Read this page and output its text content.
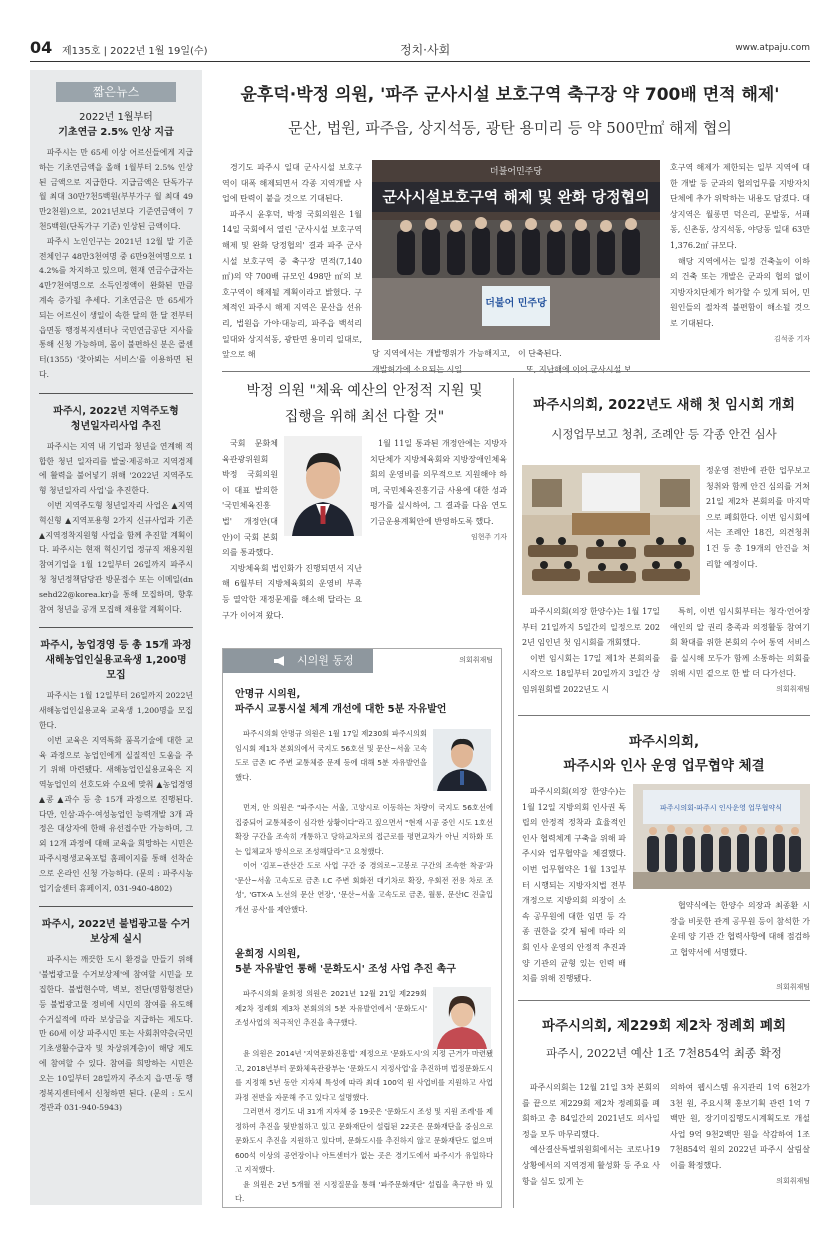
04 제135호 | 2022년 1월 19일(수)	정치·사회	www.atpaju.com
짧은뉴스
2022년 1월부터
기초연금 2.5% 인상 지급

파주시는 만 65세 이상 어르신들에게 지급하는 기초연금액을 올해 1월부터 2.5% 인상된 금액으로 지급한다. 지급금액은 단독가구 월 최대 30만7천5백원(부부가구 월 최대 49만2천원)으로, 2021년보다 기준연금액이 7천5백원(단독가구 기준) 인상된 금액이다.

파주시 노인인구는 2021년 12월 말 기준 전체인구 48만3천여명 중 6만9천여명으로 14.2%를 차지하고 있으며, 현재 연금수급자는 4만7천여명으로 소득인정액이 완화된 만큼 계속 증가될 추세다. 기초연금은 만 65세가 되는 어르신이 생일이 속한 달의 한 달 전부터 읍면동 행정복지센터나 국민연금공단 지사를 통해 신청 가능하며, 몸이 불편하신 분은 콜센터(1355) '찾아뵈는 서비스'를 이용하면 된다.

파주시, 2022년 지역주도형
청년일자리사업 추진

파주시는 지역 내 기업과 청년을 연계해 적합한 청년 일자리를 발굴·제공하고 지역경제에 활력을 불어넣기 위해 '2022년 지역주도형 청년일자리 사업'을 추진한다.

이번 지역주도형 청년일자리 사업은 ▲지역혁신형 ▲지역포용형 2가지 신규사업과 기존 ▲지역정착지원형 사업을 함께 추진할 계획이다. 파주시는 현재 혁신기업 정규직 채용지원 참여기업을 1월 12일부터 26일까지 파주시청 청년정책담당관 방문접수 또는 이메일(dnsehd22@korea.kr)을 통해 모집하며, 향후 참여 청년을 공개 모집해 채용할 계획이다.

파주시, 농업경영 등 총 15개 과정
새해농업인실용교육생 1,200명 모집

파주시는 1월 12일부터 26일까지 2022년 새해농업인실용교육 교육생 1,200명을 모집한다.

이번 교육은 지역특화 품목기술에 대한 교육 과정으로 농업인에게 실질적인 도움을 주기 위해 마련됐다. 새해농업인실용교육은 지역농업인의 선호도와 수요에 맞춰 ▲농업경영 ▲콩 ▲과수 등 총 15개 과정으로 진행된다. 다만, 인삼·과수·여성농업인 능력개발 3개 과정은 대상자에 한해 유선접수만 가능하며, 그 외 12개 과정에 대해 교육을 희망하는 시민은 파주시평생교육포털 홈페이지를 통해 선착순으로 온라인 신청 가능하다. (문의 : 파주시농업기술센터 휴페이지, 031-940-4802)

파주시, 2022년 불법광고물 수거
보상제 실시

파주시는 깨끗한 도시 환경을 만들기 위해 '불법광고물 수거보상제'에 참여할 시민을 모집한다. 불법현수막, 벽보, 전단(명함형전단) 등 불법광고물 정비에 시민의 참여를 유도해 수거실적에 따라 보상금을 지급하는 제도다. 만 60세 이상 파주시민 또는 사회취약층(국민기초생활수급자 및 차상위계층)이 해당 제도에 참여할 수 있다. 참여를 희망하는 시민은 오는 10일부터 28일까지 주소지 읍·면·동 행정복지센터에서 신청하면 된다. (문의 : 도시경관과 031-940-5943)

윤후덕·박정 의원, '파주 군사시설 보호구역 축구장 약 700배 면적 해제'
문산, 법원, 파주읍, 상지석동, 광탄 용미리 등 약 500만㎡ 해제 협의

경기도 파주시 일대 군사시설 보호구역이 대폭 해제되면서 각종 지역개발 사업에 탄력이 붙을 것으로 기대된다.

파주시 윤후덕, 박정 국회의원은 1월 14일 국회에서 열린 '군사시설 보호구역 해제 및 완화 당정협의' 결과 파주 군사시설 보호구역 중 축구장 면적(7,140㎡)의 약 700배 규모인 498만 ㎡의 보호구역이 해제될 계획이라고 밝혔다. 구체적인 파주시 해제 지역은 문산읍 선유리, 법원읍 가야·대능리, 파주읍 백석리 일대와 상지석동, 광탄면 용미리 일대로, 앞으로 해

더불어민주당
군사시설보호구역 해제 및 완화 당정협의
더불어 민주당

당 지역에서는 개발행위가 가능해지고, 개발허가에 소요되는 시일

이 단축된다.

또, 지난해에 이어 군사시설 보

호구역 해제가 제한되는 일부 지역에 대한 개발 등 군과의 협의업무를 지방자치단체에 추가 위탁하는 내용도 담겼다. 대상지역은 월롱면 덕은리, 문발동, 서패동, 신촌동, 상지석동, 야당동 일대 63만 1,376.2㎡ 규모다.

해당 지역에서는 일정 건축높이 이하의 건축 또는 개발은 군과의 협의 없이 지방자치단체가 허가할 수 있게 되어, 민원인들의 절차적 불편함이 해소될 것으로 기대된다.

김석종 기자
박정 의원 "체육 예산의 안정적 지원 및
집행을 위해 최선 다할 것"

국회 문화체육관광위원회 박정 국회의원이 대표 발의한 '국민체육진흥법' 개정안(대안)이 국회 본회의를 통과했다.

지방체육회 법인화가 진행되면서 지난해 6월부터 지방체육회의 운영비 부족 등 열악한 재정문제를 해소해 달라는 요구가 이어져 왔다.

1월 11일 통과된 개정안에는 지방자치단체가 지방체육회와 지방장애인체육회의 운영비를 의무적으로 지원해야 하며, 국민체육진흥기금 사용에 대한 성과평가를 실시하여, 그 결과를 다음 연도 기금운용계획안에 반영하도록 했다.

임현주 기자
시의원 동정	의회취재팀
안명규 시의원,
파주시 교통시설 체계 개선에 대한 5분 자유발언

파주시의회 안명규 의원은 1월 17일 제230회 파주시의회 임시회 제1차 본회의에서 국지도 56호선 및 문산~서울 고속도로 금촌 IC 주변 교통체증 문제 등에 대해 5분 자유발언을 했다.

먼저, 안 의원은 "파주시는 서울, 고양시로 이동하는 차량이 국지도 56호선에 집중되어 교통체증이 심각한 상황이다"라고 짚으면서 "현재 시공 중인 시도 1호선 확장 구간을 조속히 개통하고 당하교차로의 접근로를 평면교차가 아닌 지하화 또는 입체교차 방식으로 조성해달라"고 요청했다.

이어 '김포~관산간 도로 사업 구간 중 경의로~고봉로 구간의 조속한 착공'과 '문산~서울 고속도로 금촌 I.C 주변 회화전 대기차로 확장, 우회전 전용 차로 조성', 'GTX-A 노선의 문산 연장', '문산~서울 고속도로 금촌, 월롱, 문산IC 진출입 개선 공사'를 제안했다.

윤희정 시의원,
5분 자유발언 통해 '문화도시' 조성 사업 추진 촉구

파주시의회 윤희정 의원은 2021년 12월 21일 제229회 제2차 정례회 제3차 본회의의 5분 자유발언에서 '문화도시' 조성사업의 적극적인 추진을 촉구했다.

윤 의원은 2014년 '지역문화진흥법' 제정으로 '문화도시'의 지정 근거가 마련됐고, 2018년부터 문화체육관광부는 '문화도시 지정사업'을 추진하며 법정문화도시를 지정해 5년 동안 지자체 특성에 따라 최대 100억 원 사업비를 지원하고 사업 과정 전반을 자문해 주고 있다고 설명했다.

그러면서 경기도 내 31개 지자체 중 19곳은 '문화도시 조성 및 지원 조례'를 제정하여 추진을 뒷받침하고 있고 문화재단이 설립된 22곳은 문화재단을 중심으로 문화도시 추진을 지원하고 있다며, 문화도시를 추진하지 않고 문화재단도 없으며 600석 이상의 공연장이나 아트센터가 없는 곳은 경기도에서 파주시가 유일하다고 지적했다.

윤 의원은 2년 5개월 전 시정질문을 통해 '파주문화재단' 설립을 촉구한 바 있다.

파주시의회, 2022년도 새해 첫 임시회 개회
시정업무보고 청취, 조례안 등 각종 안건 심사

정운영 전반에 관한 업무보고 청취와 함께 안건 심의를 거쳐 21일 제2차 본회의를 마지막으로 폐회한다. 이번 임시회에서는 조례안 18건, 의견청취 1건 등 총 19개의 안건을 처리할 예정이다.

파주시의회(의장 한양수)는 1월 17일부터 21일까지 5일간의 일정으로 2022년 임인년 첫 임시회를 개회했다.

이번 임시회는 17일 제1차 본회의를 시작으로 18일부터 20일까지 3일간 상임위원회별 2022년도 시

특히, 이번 임시회부터는 청각·언어장애인의 알 권리 충족과 의정활동 참여기회 확대를 위한 본회의 수어 통역 서비스를 실시해 모두가 함께 소통하는 의회를 위해 시민 곁으로 한 발 더 다가선다.

의회취재팀
파주시의회,
파주시와 인사 운영 업무협약 체결

파주시의회(의장 한양수)는 1월 12일 지방의회 인사권 독립의 안정적 정착과 효율적인 인사 협력체계 구축을 위해 파주시와 업무협약을 체결했다. 이번 업무협약은 1월 13일부터 시행되는 지방자치법 전부개정으로 지방의회 의장이 소속 공무원에 대한 임면 등 각종 권한을 갖게 됨에 따라 의회 인사 운영의 안정적 추진과 양 기관의 균형 있는 인력 배치를 위해 진행됐다.

파주시의회-파주시 인사운영 업무협약식

협약식에는 한양수 의장과 최종환 시장을 비롯한 관계 공무원 등이 참석한 가운데 양 기관 간 협력사항에 대해 점검하고 협약서에 서명했다.

의회취재팀
파주시의회, 제229회 제2차 정례회 폐회
파주시, 2022년 예산 1조 7천854억 최종 확정

파주시의회는 12월 21일 3차 본회의를 끝으로 제229회 제2차 정례회를 폐회하고 총 84일간의 2021년도 의사일정을 모두 마무리했다.

예산결산특별위원회에서는 코로나19 상황에서의 지역경제 활성화 등 주요 사항을 심도 있게 논

의하여 웹시스템 유지관리 1억 6천2가 3천 원, 주요시책 홍보기획 관련 1억 7백만 원, 장기미집행도시계획도로 개설 사업 9억 9천2백만 원을 삭감하여 1조 7천854억 원의 2022년 파주시 살림살이를 확정했다.

의회취재팀
